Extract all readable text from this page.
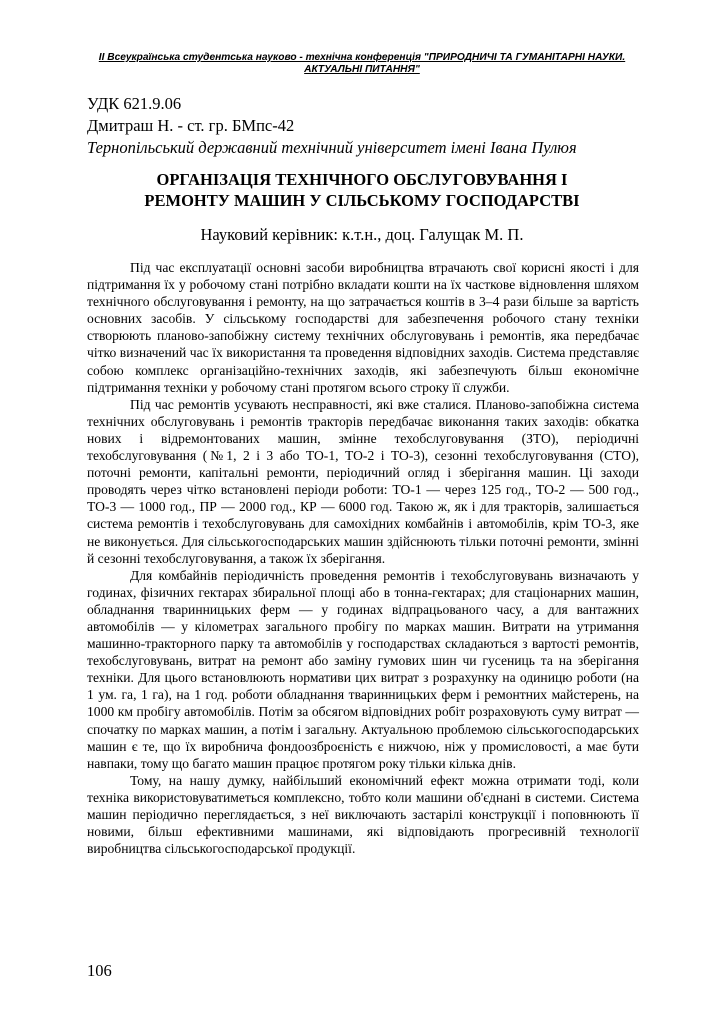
II Всеукраїнська студентська науково - технічна конференція "ПРИРОДНИЧІ ТА ГУМАНІТАРНІ НАУКИ.
АКТУАЛЬНІ ПИТАННЯ"
УДК 621.9.06
Дмитраш Н. - ст. гр. БМпс-42
Тернопільський державний технічний університет імені Івана Пулюя
ОРГАНІЗАЦІЯ ТЕХНІЧНОГО ОБСЛУГОВУВАННЯ І
РЕМОНТУ МАШИН У СІЛЬСЬКОМУ ГОСПОДАРСТВІ
Науковий керівник: к.т.н., доц. Галущак М. П.

Під час експлуатації основні засоби виробництва втрачають свої корисні якості і для підтримання їх у робочому стані потрібно вкладати кошти на їх часткове відновлення шляхом технічного обслуговування і ремонту, на що затрачається коштів в 3–4 рази більше за вартість основних засобів. У сільському господарстві для забезпечення робочого стану техніки створюють планово-запобіжну систему технічних обслуговувань і ремонтів, яка передбачає чітко визначений час їх використання та проведення відповідних заходів. Система представляє собою комплекс організаційно-технічних заходів, які забезпечують більш економічне підтримання техніки у робочому стані протягом всього строку її служби.

Під час ремонтів усувають несправності, які вже сталися. Планово-запобіжна система технічних обслуговувань і ремонтів тракторів передбачає виконання таких заходів: обкатка нових і відремонтованих машин, змінне техобслуговування (ЗТО), періодичні техобслуговування (№1, 2 і 3 або ТО-1, ТО-2 і ТО-3), сезонні техобслуговування (СТО), поточні ремонти, капітальні ремонти, періодичний огляд і зберігання машин. Ці заходи проводять через чітко встановлені періоди роботи: ТО-1 — через 125 год., ТО-2 — 500 год., ТО-3 — 1000 год., ПР — 2000 год., КР — 6000 год. Такою ж, як і для тракторів, залишається система ремонтів і техобслуговувань для самохідних комбайнів і автомобілів, крім ТО-3, яке не виконується. Для сільськогосподарських машин здійснюють тільки поточні ремонти, змінні й сезонні техобслуговування, а також їх зберігання.

Для комбайнів періодичність проведення ремонтів і техобслуговувань визначають у годинах, фізичних гектарах збиральної площі або в тонна-гектарах; для стаціонарних машин, обладнання тваринницьких ферм — у годинах відпрацьованого часу, а для вантажних автомобілів — у кілометрах загального пробігу по марках машин. Витрати на утримання машинно-тракторного парку та автомобілів у господарствах складаються з вартості ремонтів, техобслуговувань, витрат на ремонт або заміну гумових шин чи гусениць та на зберігання техніки. Для цього встановлюють нормативи цих витрат з розрахунку на одиницю роботи (на 1 ум. га, 1 га), на 1 год. роботи обладнання тваринницьких ферм і ремонтних майстерень, на 1000 км пробігу автомобілів. Потім за обсягом відповідних робіт розраховують суму витрат — спочатку по марках машин, а потім і загальну. Актуальною проблемою сільськогосподарських машин є те, що їх виробнича фондоозброєність є нижчою, ніж у промисловості, а має бути навпаки, тому що багато машин працює протягом року тільки кілька днів.

Тому, на нашу думку, найбільший економічний ефект можна отримати тоді, коли техніка використовуватиметься комплексно, тобто коли машини об'єднані в системи. Система машин періодично переглядається, з неї виключають застарілі конструкції і поповнюють її новими, більш ефективними машинами, які відповідають прогресивній технології виробництва сільськогосподарської продукції.

106
